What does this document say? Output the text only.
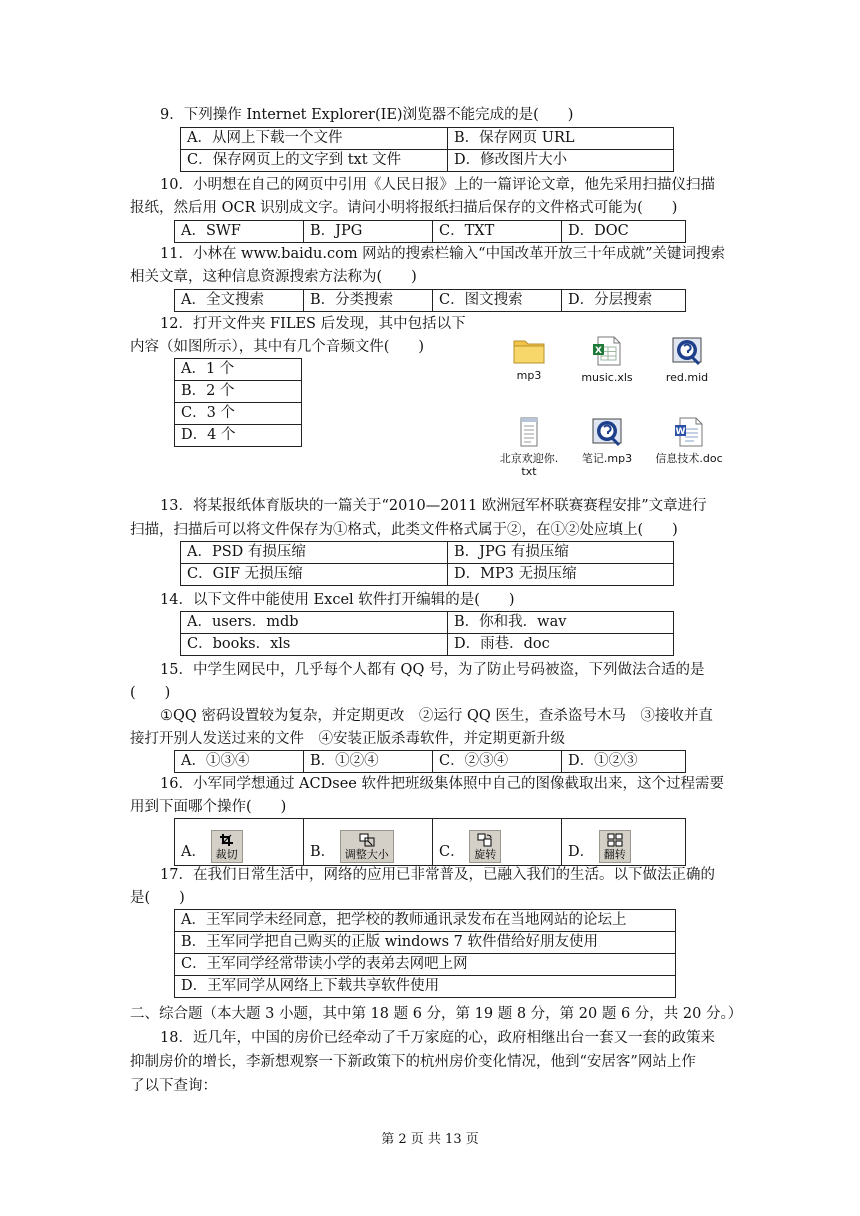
9．下列操作 Internet Explorer(IE)浏览器不能完成的是(　　)
A．从网上下载一个文件	B．保存网页 URL
C．保存网页上的文字到 txt 文件	D．修改图片大小
10．小明想在自己的网页中引用《人民日报》上的一篇评论文章，他先采用扫描仪扫描
报纸，然后用 OCR 识别成文字。请问小明将报纸扫描后保存的文件格式可能为(　　)
A．SWF	B．JPG	C．TXT	D．DOC
11．小林在 www.baidu.com 网站的搜索栏输入“中国改革开放三十年成就”关键词搜索
相关文章，这种信息资源搜索方法称为(　　)
A．全文搜索	B．分类搜索	C．图文搜索	D．分层搜索
12．打开文件夹 FILES 后发现，其中包括以下
内容（如图所示），其中有几个音频文件(　　)
A．1 个
B．2 个
C．3 个
D．4 个
mp3
X
music.xls	red.mid
北京欢迎你.
txt
笔记.mp3
W
信息技术.doc
13．将某报纸体育版块的一篇关于“2010—2011 欧洲冠军杯联赛赛程安排”文章进行
扫描，扫描后可以将文件保存为①格式，此类文件格式属于②，在①②处应填上(　　)
A．PSD 有损压缩	B．JPG 有损压缩
C．GIF 无损压缩	D．MP3 无损压缩
14．以下文件中能使用 Excel 软件打开编辑的是(　　)
A．users．mdb	B．你和我．wav
C．books．xls	D．雨巷．doc
15．中学生网民中，几乎每个人都有 QQ 号，为了防止号码被盗，下列做法合适的是
(　　)
①QQ 密码设置较为复杂，并定期更改　②运行 QQ 医生，查杀盗号木马　③接收并直
接打开别人发送过来的文件　④安装正版杀毒软件，并定期更新升级
A．①③④	B．①②④	C．②③④	D．①②③
16．小军同学想通过 ACDsee 软件把班级集体照中自己的图像截取出来，这个过程需要
用到下面哪个操作(　　)
A． 裁切	B． 调整大小	C． 旋转	D． 翻转
17．在我们日常生活中，网络的应用已非常普及，已融入我们的生活。以下做法正确的
是(　　)
A．王军同学未经同意，把学校的教师通讯录发布在当地网站的论坛上
B．王军同学把自己购买的正版 windows 7 软件借给好朋友使用
C．王军同学经常带读小学的表弟去网吧上网
D．王军同学从网络上下载共享软件使用
二、综合题（本大题 3 小题，其中第 18 题 6 分，第 19 题 8 分，第 20 题 6 分，共 20 分。）
18．近几年，中国的房价已经牵动了千万家庭的心，政府相继出台一套又一套的政策来
抑制房价的增长，李新想观察一下新政策下的杭州房价变化情况，他到“安居客”网站上作
了以下查询：
第 2 页 共 13 页
